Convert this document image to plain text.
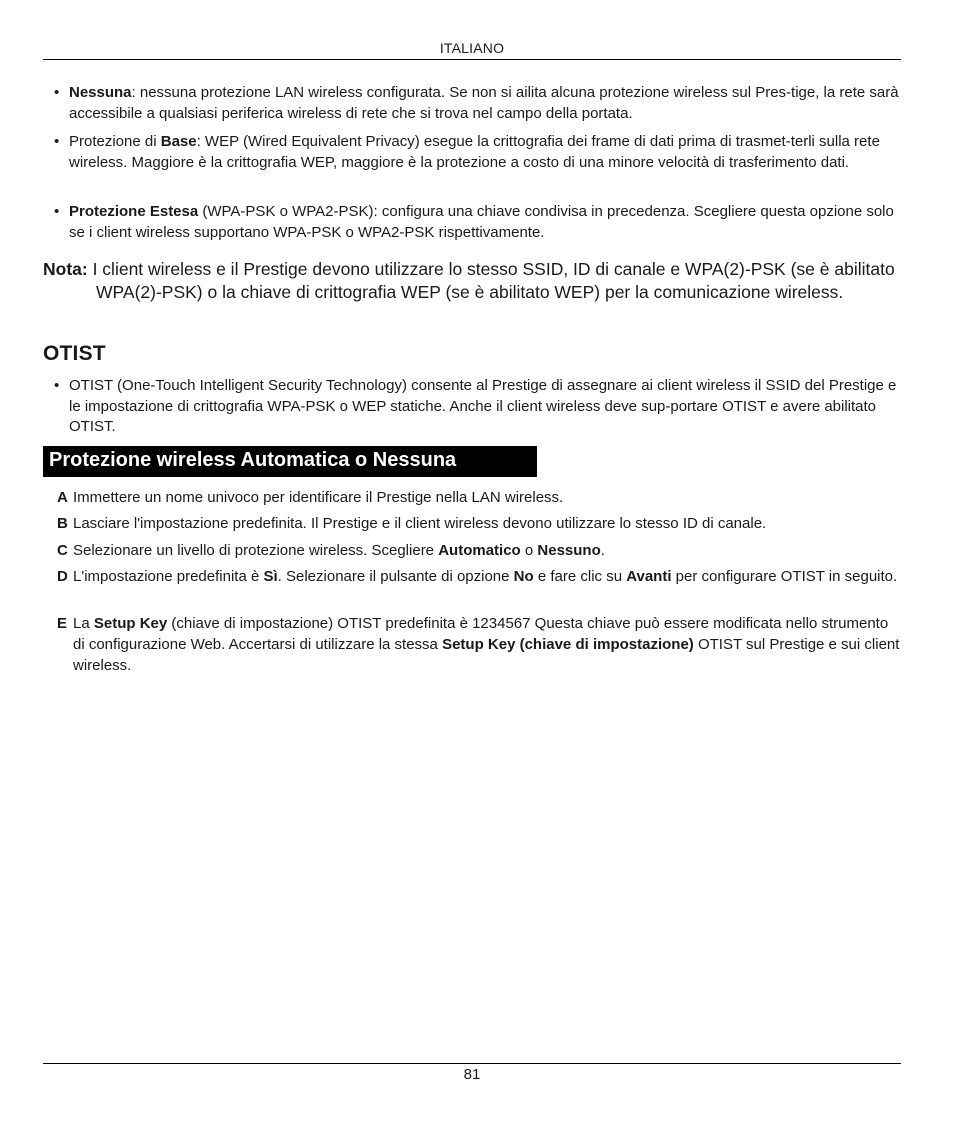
ITALIANO
• Nessuna: nessuna protezione LAN wireless configurata. Se non si ailita alcuna protezione wireless sul Pres-tige, la rete sarà accessibile a qualsiasi periferica wireless di rete che si trova nel campo della portata.
• Protezione di Base: WEP (Wired Equivalent Privacy) esegue la crittografia dei frame di dati prima di trasmet-terli sulla rete wireless. Maggiore è la crittografia WEP, maggiore è la protezione a costo di una minore velocità di trasferimento dati.
• Protezione Estesa (WPA-PSK o WPA2-PSK): configura una chiave condivisa in precedenza. Scegliere questa opzione solo se i client wireless supportano WPA-PSK o WPA2-PSK rispettivamente.
Nota: I client wireless e il Prestige devono utilizzare lo stesso SSID, ID di canale e WPA(2)-PSK (se è abilitato WPA(2)-PSK) o la chiave di crittografia WEP (se è abilitato WEP) per la comunicazione wireless.
OTIST
• OTIST (One-Touch Intelligent Security Technology) consente al Prestige di assegnare ai client wireless il SSID del Prestige e le impostazione di crittografia WPA-PSK o WEP statiche. Anche il client wireless deve sup-portare OTIST e avere abilitato OTIST.
Protezione wireless Automatica o Nessuna
A Immettere un nome univoco per identificare il Prestige nella LAN wireless.
B Lasciare l'impostazione predefinita. Il Prestige e il client wireless devono utilizzare lo stesso ID di canale.
C Selezionare un livello di protezione wireless. Scegliere Automatico o Nessuno.
D L'impostazione predefinita è Sì. Selezionare il pulsante di opzione No e fare clic su Avanti per configurare OTIST in seguito.
E La Setup Key (chiave di impostazione) OTIST predefinita è 1234567 Questa chiave può essere modificata nello strumento di configurazione Web. Accertarsi di utilizzare la stessa Setup Key (chiave di impostazione) OTIST sul Prestige e sui client wireless.
81
